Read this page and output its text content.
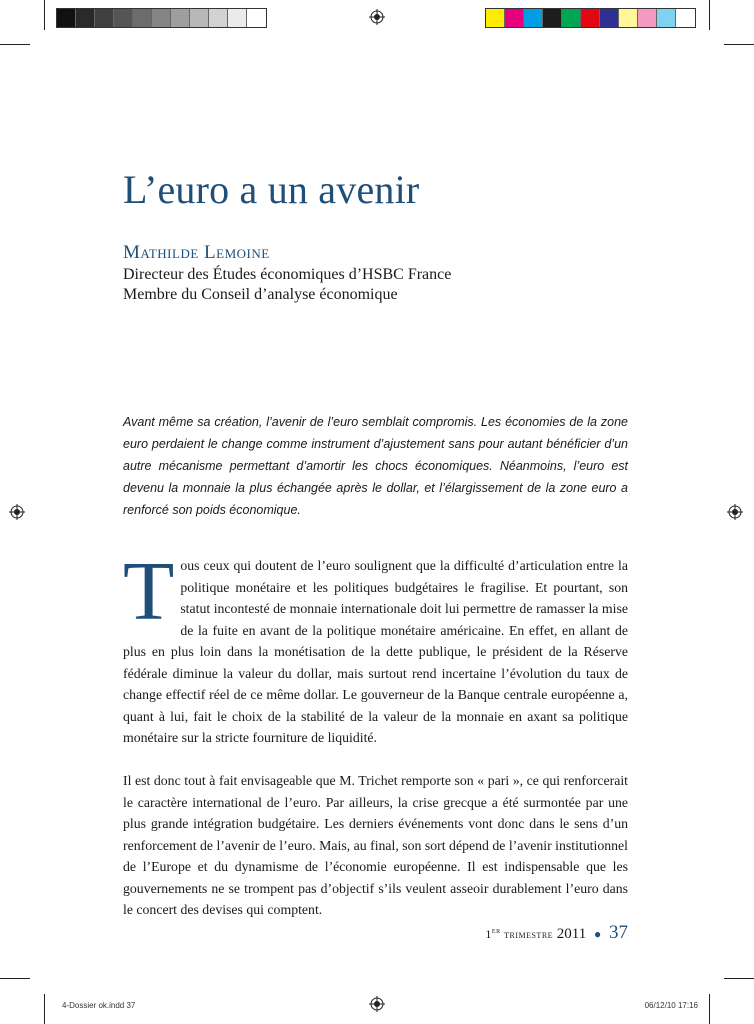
L’euro a un avenir
Mathilde Lemoine
Directeur des Études économiques d’HSBC France
Membre du Conseil d’analyse économique

Avant même sa création, l’avenir de l’euro semblait compromis. Les économies de la zone euro perdaient le change comme instrument d’ajustement sans pour autant bénéficier d’un autre mécanisme permettant d’amortir les chocs économiques. Néanmoins, l’euro est devenu la monnaie la plus échangée après le dollar, et l’élargissement de la zone euro a renforcé son poids économique.

Tous ceux qui doutent de l’euro soulignent que la difficulté d’articulation entre la politique monétaire et les politiques budgétaires le fragilise. Et pourtant, son statut incontesté de monnaie internationale doit lui permettre de ramasser la mise de la fuite en avant de la politique monétaire américaine. En effet, en allant de plus en plus loin dans la monétisation de la dette publique, le président de la Réserve fédérale diminue la valeur du dollar, mais surtout rend incertaine l’évolution du taux de change effectif réel de ce même dollar. Le gouverneur de la Banque centrale européenne a, quant à lui, fait le choix de la stabilité de la valeur de la monnaie en axant sa politique monétaire sur la stricte fourniture de liquidité.

Il est donc tout à fait envisageable que M. Trichet remporte son « pari », ce qui renforcerait le caractère international de l’euro. Par ailleurs, la crise grecque a été surmontée par une plus grande intégration budgétaire. Les derniers événements vont donc dans le sens d’un renforcement de l’avenir de l’euro. Mais, au final, son sort dépend de l’avenir institutionnel de l’Europe et du dynamisme de l’économie européenne. Il est indispensable que les gouvernements ne se trompent pas d’objectif s’ils veulent asseoir durablement l’euro dans le concert des devises qui comptent.

1er trimestre 2011 ● 37
4-Dossier ok.indd 37	06/12/10 17:16
